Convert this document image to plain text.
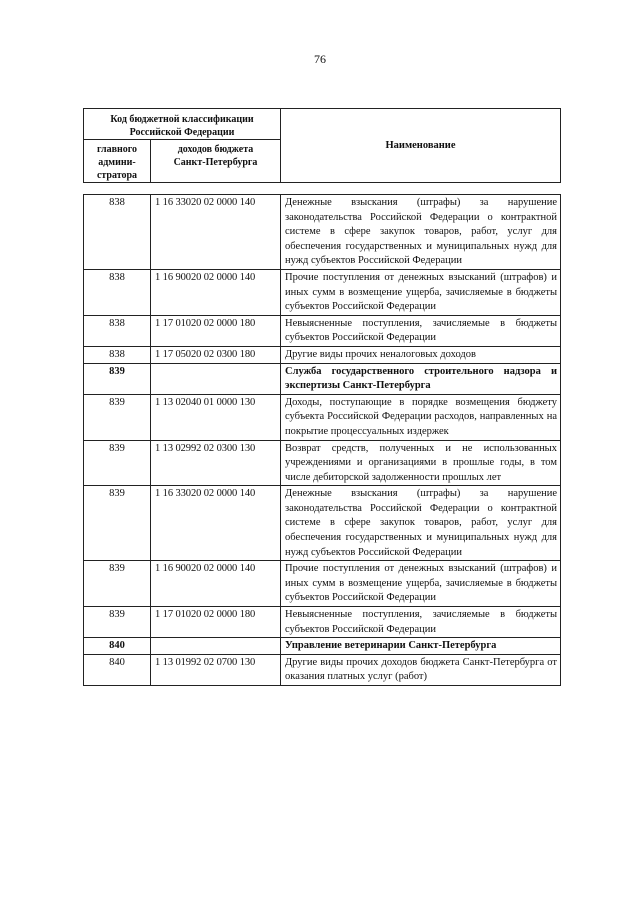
76
Код бюджетной классификации Российской Федерации		Наименование
главного админи-стратора	доходов бюджета Санкт-Петербурга	
838	1 16 33020 02 0000 140	Денежные взыскания (штрафы) за нарушение законодательства Российской Федерации о контрактной системе в сфере закупок товаров, работ, услуг для обеспечения государственных и муниципальных нужд для нужд субъектов Российской Федерации
838	1 16 90020 02 0000 140	Прочие поступления от денежных взысканий (штрафов) и иных сумм в возмещение ущерба, зачисляемые в бюджеты субъектов Российской Федерации
838	1 17 01020 02 0000 180	Невыясненные поступления, зачисляемые в бюджеты субъектов Российской Федерации
838	1 17 05020 02 0300 180	Другие виды прочих неналоговых доходов
839		Служба государственного строительного надзора и экспертизы Санкт-Петербурга
839	1 13 02040 01 0000 130	Доходы, поступающие в порядке возмещения бюджету субъекта Российской Федерации расходов, направленных на покрытие процессуальных издержек
839	1 13 02992 02 0300 130	Возврат средств, полученных и не использованных учреждениями и организациями в прошлые годы, в том числе дебиторской задолженности прошлых лет
839	1 16 33020 02 0000 140	Денежные взыскания (штрафы) за нарушение законодательства Российской Федерации о контрактной системе в сфере закупок товаров, работ, услуг для обеспечения государственных и муниципальных нужд для нужд субъектов Российской Федерации
839	1 16 90020 02 0000 140	Прочие поступления от денежных взысканий (штрафов) и иных сумм в возмещение ущерба, зачисляемые в бюджеты субъектов Российской Федерации
839	1 17 01020 02 0000 180	Невыясненные поступления, зачисляемые в бюджеты субъектов Российской Федерации
840		Управление ветеринарии Санкт-Петербурга
840	1 13 01992 02 0700 130	Другие виды прочих доходов бюджета Санкт-Петербурга от оказания платных услуг (работ)
